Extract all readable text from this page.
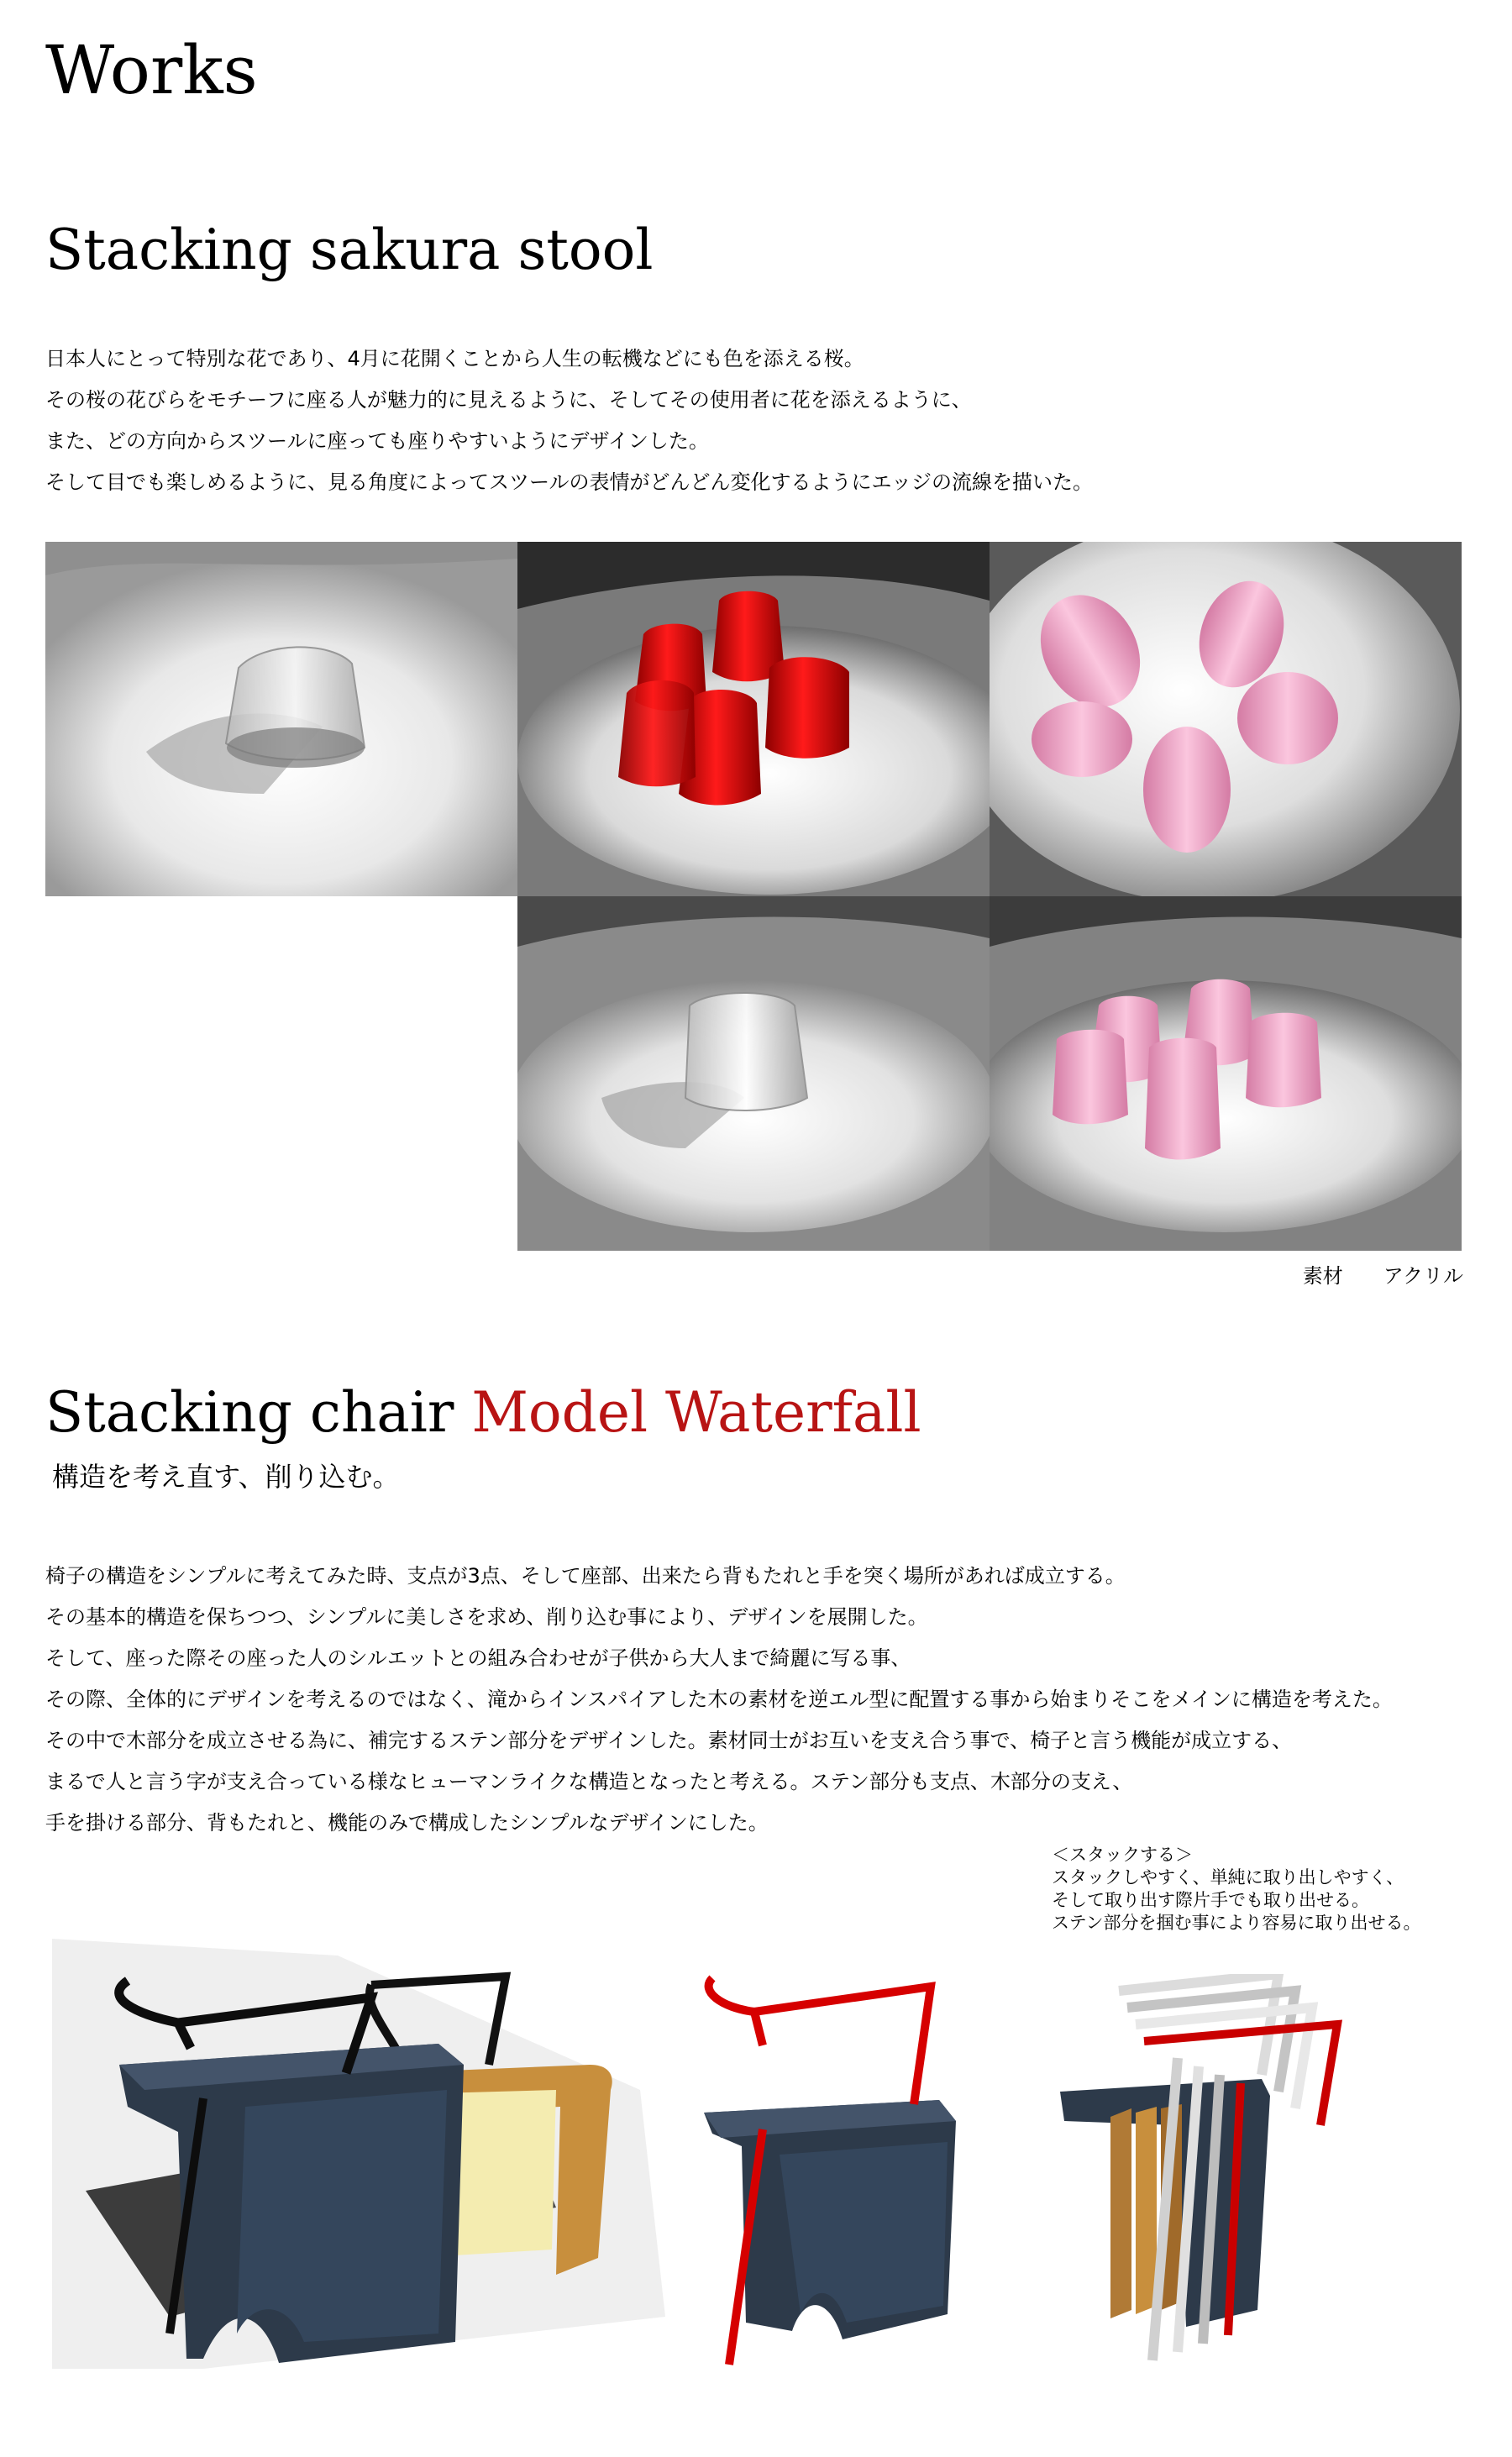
Works
Stacking sakura stool

日本人にとって特別な花であり、4月に花開くことから人生の転機などにも色を添える桜。

その桜の花びらをモチーフに座る人が魅力的に見えるように、そしてその使用者に花を添えるように、

また、どの方向からスツールに座っても座りやすいようにデザインした。

そして目でも楽しめるように、見る角度によってスツールの表情がどんどん変化するようにエッジの流線を描いた。

素材　　アクリル
Stacking chair Model Waterfall
構造を考え直す、削り込む。

椅子の構造をシンプルに考えてみた時、支点が3点、そして座部、出来たら背もたれと手を突く場所があれば成立する。

その基本的構造を保ちつつ、シンプルに美しさを求め、削り込む事により、デザインを展開した。

そして、座った際その座った人のシルエットとの組み合わせが子供から大人まで綺麗に写る事、

その際、全体的にデザインを考えるのではなく、滝からインスパイアした木の素材を逆エル型に配置する事から始まりそこをメインに構造を考えた。

その中で木部分を成立させる為に、補完するステン部分をデザインした。素材同士がお互いを支え合う事で、椅子と言う機能が成立する、

まるで人と言う字が支え合っている様なヒューマンライクな構造となったと考える。ステン部分も支点、木部分の支え、

手を掛ける部分、背もたれと、機能のみで構成したシンプルなデザインにした。

＜スタックする＞

スタックしやすく、単純に取り出しやすく、

そして取り出す際片手でも取り出せる。

ステン部分を掴む事により容易に取り出せる。
